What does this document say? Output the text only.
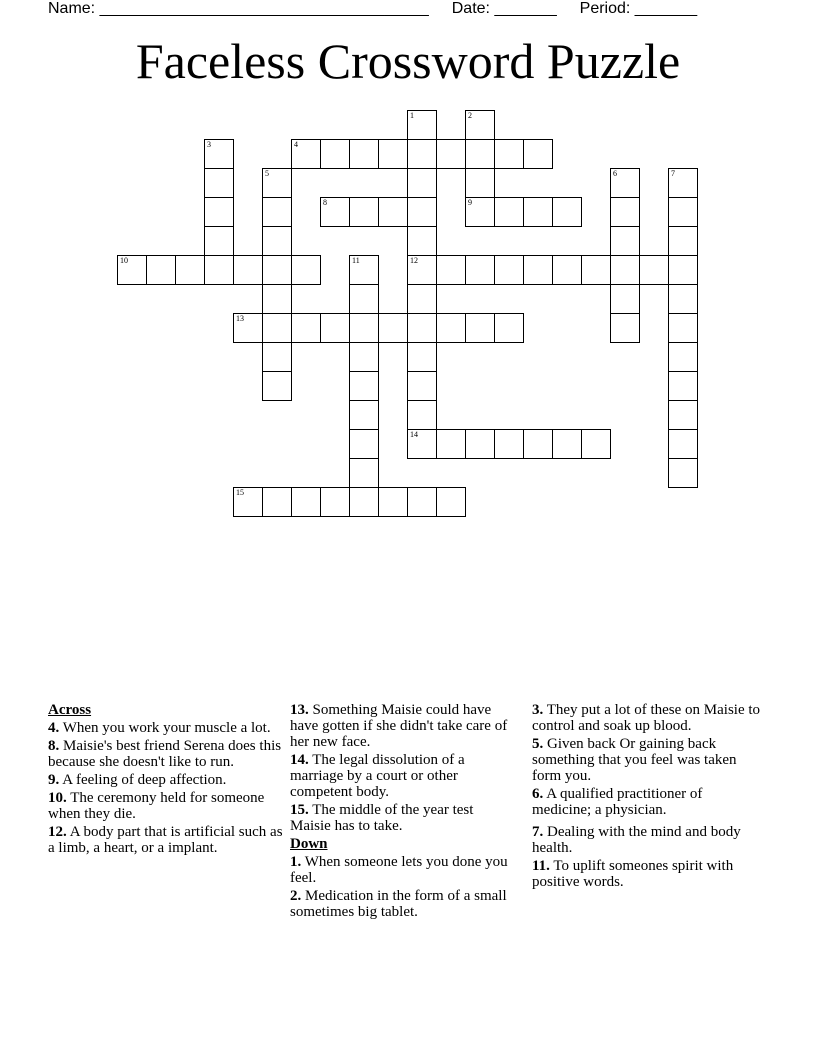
Name: _____________________________________ Date: _______ Period: _______
Faceless Crossword Puzzle
4
8	9
10	12
13
14
15
1	2
3
5	6	7
11
Across
4. When you work your muscle a lot.
8. Maisie's best friend Serena does this because she doesn't like to run.
9. A feeling of deep affection.
10. The ceremony held for someone when they die.
12. A body part that is artificial such as a limb, a heart, or a implant.
13. Something Maisie could have have gotten if she didn't take care of her new face.
14. The legal dissolution of a marriage by a court or other competent body.
15. The middle of the year test Maisie has to take.
Down
1. When someone lets you done you feel.
2. Medication in the form of a small sometimes big tablet.
3. They put a lot of these on Maisie to control and soak up blood.
5. Given back Or gaining back something that you feel was taken form you.
6. A qualified practitioner of medicine; a physician.
7. Dealing with the mind and body health.
11. To uplift someones spirit with positive words.
